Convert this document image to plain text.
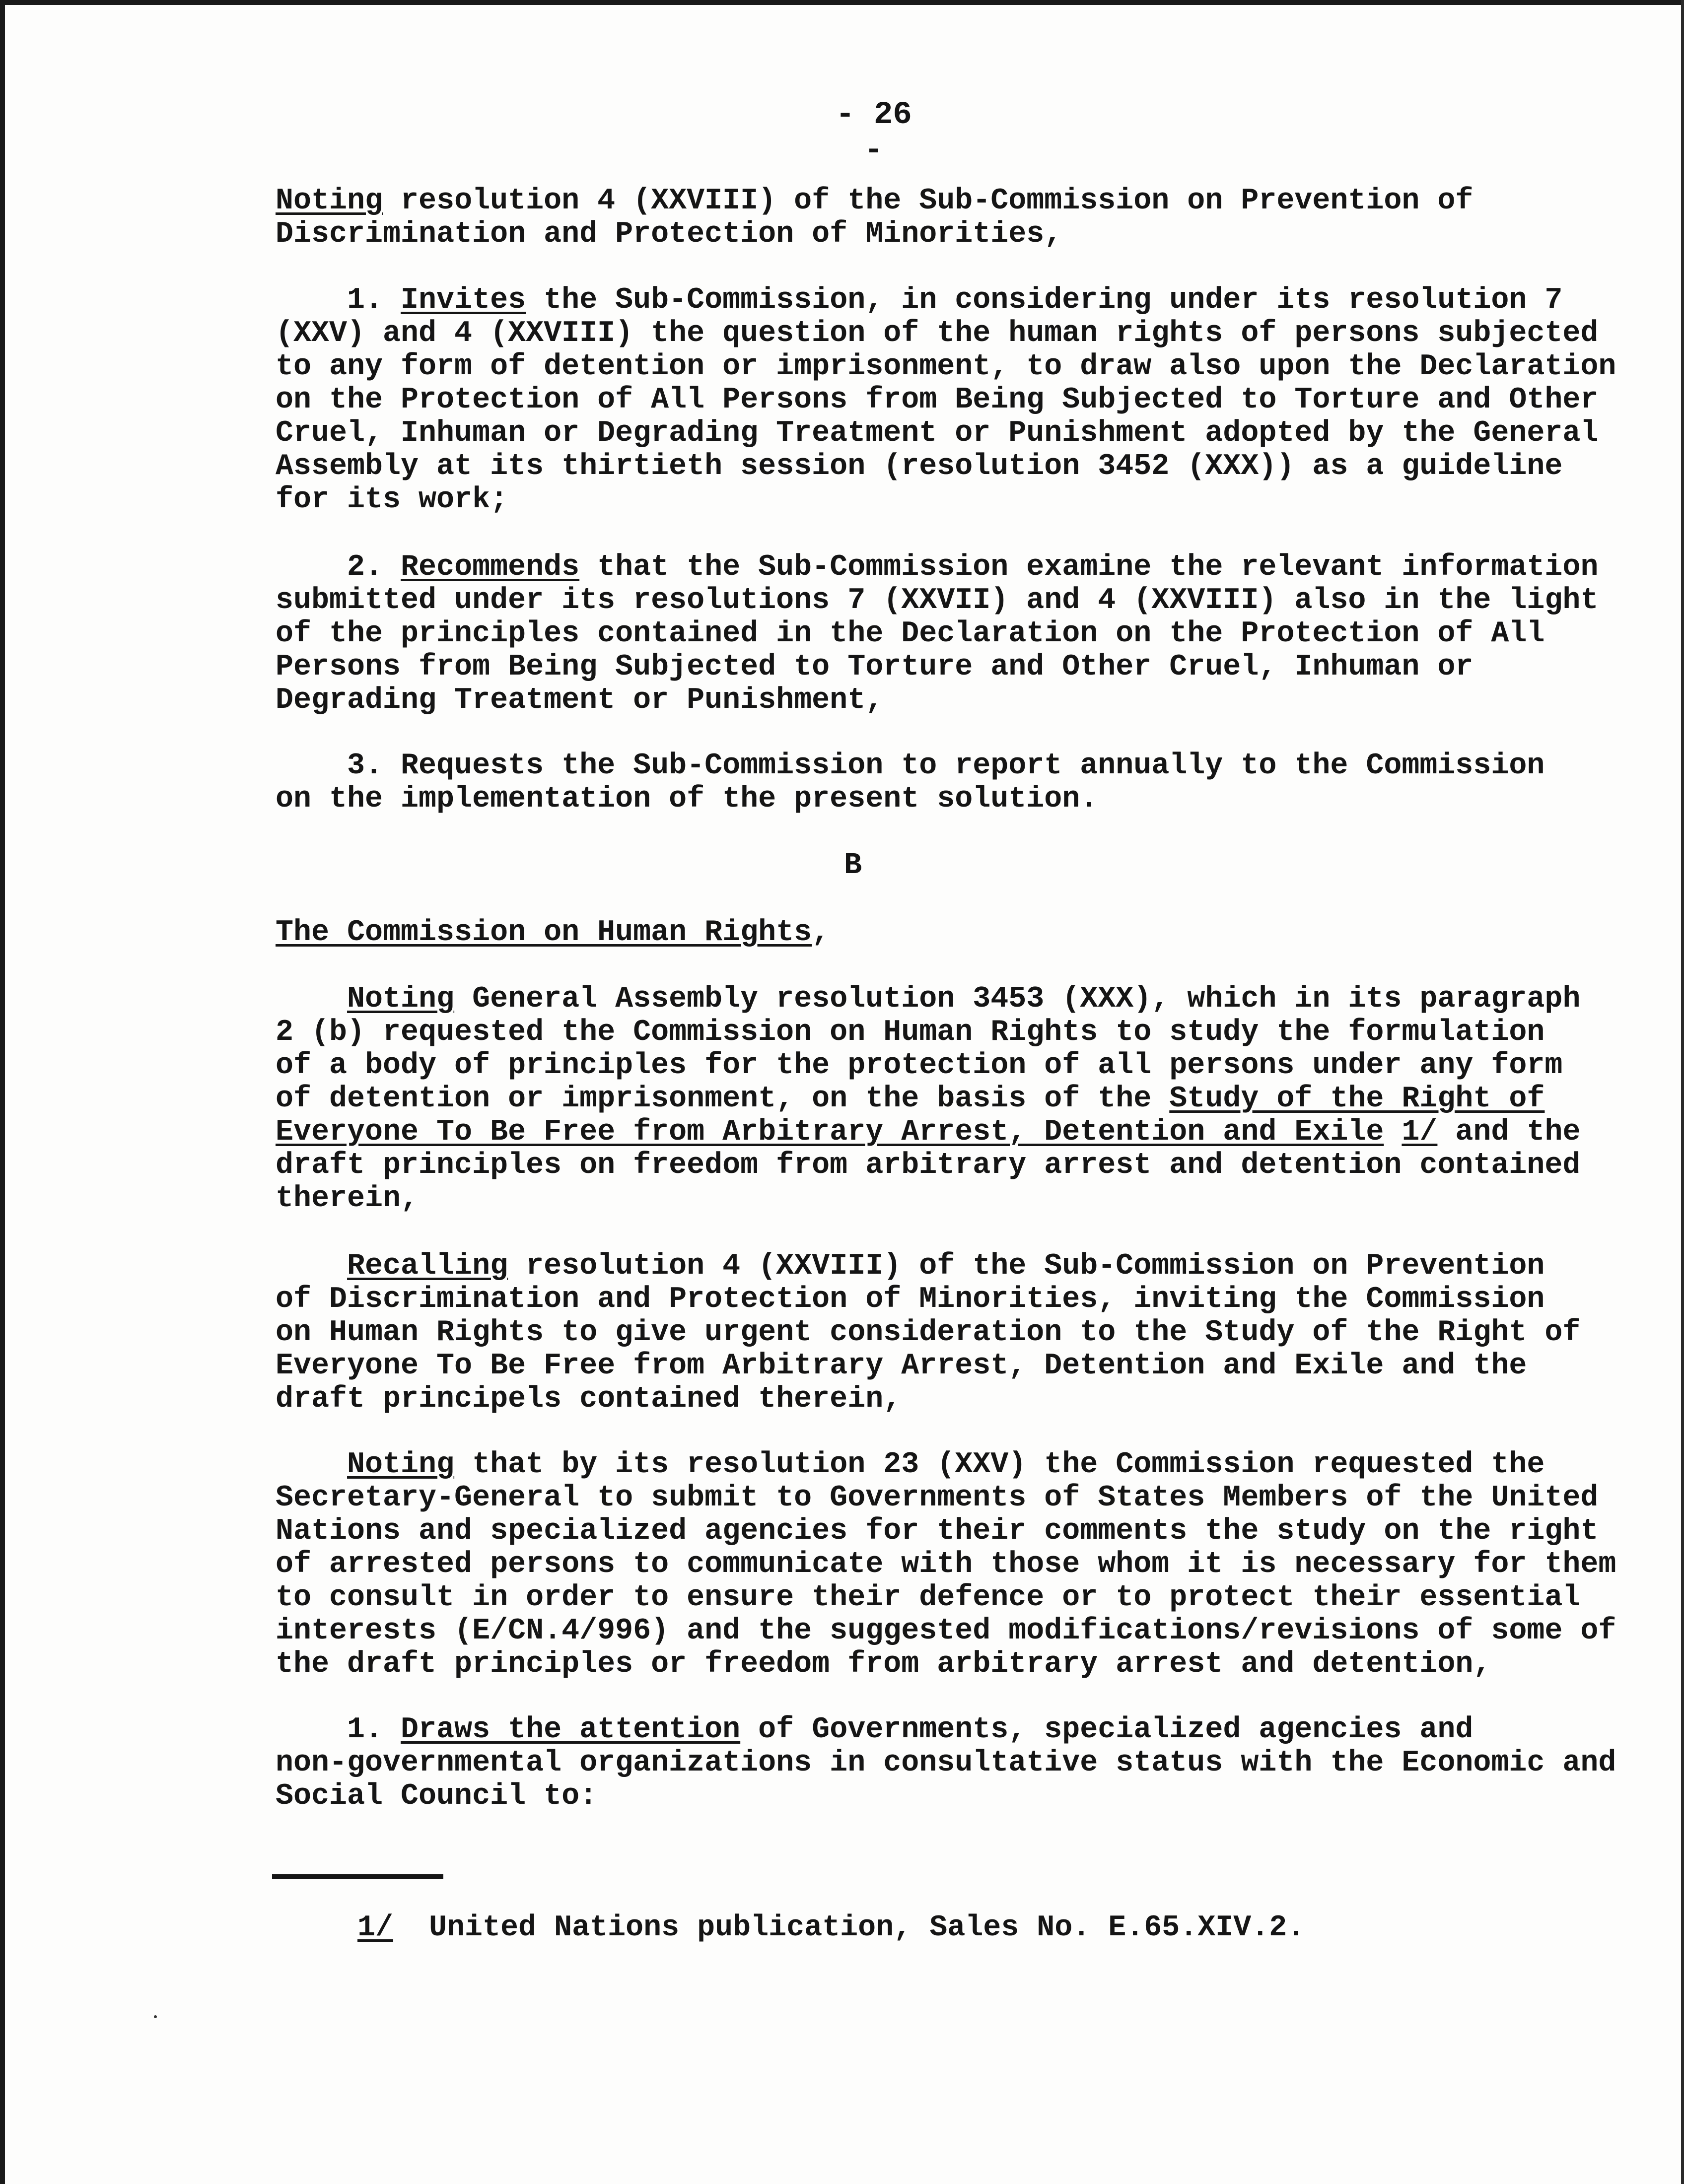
- 26 -
Noting resolution 4 (XXVIII) of the Sub-Commission on Prevention of
Discrimination and Protection of Minorities,
1. Invites the Sub-Commission, in considering under its resolution 7
(XXV) and 4 (XXVIII) the question of the human rights of persons subjected
to any form of detention or imprisonment, to draw also upon the Declaration
on the Protection of All Persons from Being Subjected to Torture and Other
Cruel, Inhuman or Degrading Treatment or Punishment adopted by the General
Assembly at its thirtieth session (resolution 3452 (XXX)) as a guideline
for its work;
2. Recommends that the Sub-Commission examine the relevant information
submitted under its resolutions 7 (XXVII) and 4 (XXVIII) also in the light
of the principles contained in the Declaration on the Protection of All
Persons from Being Subjected to Torture and Other Cruel, Inhuman or
Degrading Treatment or Punishment,
3. Requests the Sub-Commission to report annually to the Commission
on the implementation of the present solution.
B
The Commission on Human Rights,
Noting General Assembly resolution 3453 (XXX), which in its paragraph
2 (b) requested the Commission on Human Rights to study the formulation
of a body of principles for the protection of all persons under any form
of detention or imprisonment, on the basis of the Study of the Right of
Everyone To Be Free from Arbitrary Arrest, Detention and Exile 1/ and the
draft principles on freedom from arbitrary arrest and detention contained
therein,
Recalling resolution 4 (XXVIII) of the Sub-Commission on Prevention
of Discrimination and Protection of Minorities, inviting the Commission
on Human Rights to give urgent consideration to the Study of the Right of
Everyone To Be Free from Arbitrary Arrest, Detention and Exile and the
draft principels contained therein,
Noting that by its resolution 23 (XXV) the Commission requested the
Secretary-General to submit to Governments of States Members of the United
Nations and specialized agencies for their comments the study on the right
of arrested persons to communicate with those whom it is necessary for them
to consult in order to ensure their defence or to protect their essential
interests (E/CN.4/996) and the suggested modifications/revisions of some of
the draft principles or freedom from arbitrary arrest and detention,
1. Draws the attention of Governments, specialized agencies and
non-governmental organizations in consultative status with the Economic and
Social Council to:
1/  United Nations publication, Sales No. E.65.XIV.2.
